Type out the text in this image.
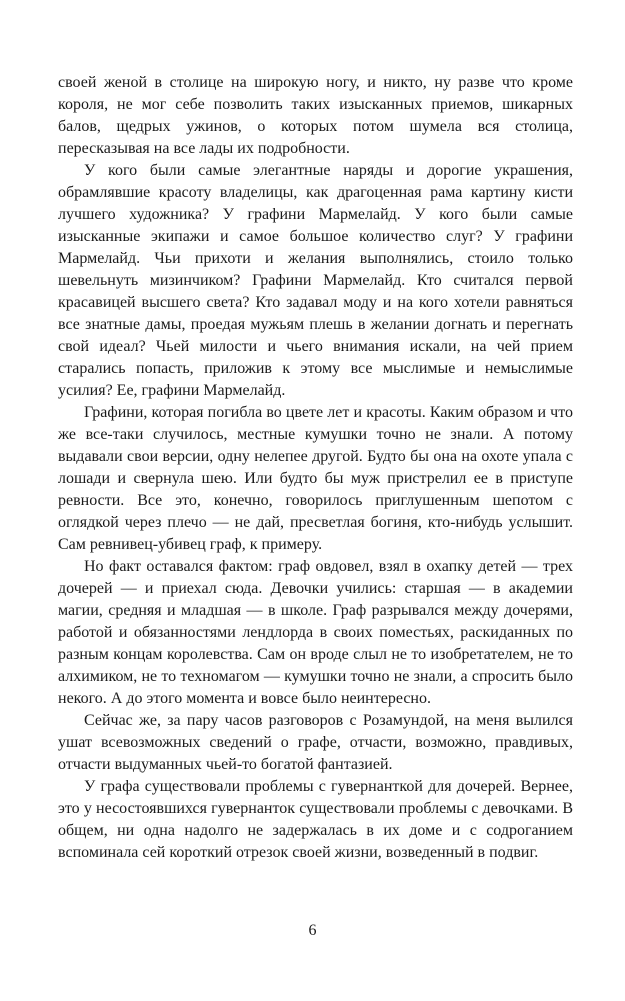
своей женой в столице на широкую ногу, и никто, ну разве что кроме короля, не мог себе позволить таких изысканных приемов, шикарных балов, щедрых ужинов, о которых потом шумела вся столица, пересказывая на все лады их подробности.

У кого были самые элегантные наряды и дорогие украшения, обрамлявшие красоту владелицы, как драгоценная рама картину кисти лучшего художника? У графини Мармелайд. У кого были самые изысканные экипажи и самое большое количество слуг? У графини Мармелайд. Чьи прихоти и желания выполнялись, стоило только шевельнуть мизинчиком? Графини Мармелайд. Кто считался первой красавицей высшего света? Кто задавал моду и на кого хотели равняться все знатные дамы, проедая мужьям плешь в желании догнать и перегнать свой идеал? Чьей милости и чьего внимания искали, на чей прием старались попасть, приложив к этому все мыслимые и немыслимые усилия? Ее, графини Мармелайд.

Графини, которая погибла во цвете лет и красоты. Каким образом и что же все-таки случилось, местные кумушки точно не знали. А потому выдавали свои версии, одну нелепее другой. Будто бы она на охоте упала с лошади и свернула шею. Или будто бы муж пристрелил ее в приступе ревности. Все это, конечно, говорилось приглушенным шепотом с оглядкой через плечо — не дай, пресветлая богиня, кто-нибудь услышит. Сам ревнивец-убивец граф, к примеру.

Но факт оставался фактом: граф овдовел, взял в охапку детей — трех дочерей — и приехал сюда. Девочки учились: старшая — в академии магии, средняя и младшая — в школе. Граф разрывался между дочерями, работой и обязанностями лендлорда в своих поместьях, раскиданных по разным концам королевства. Сам он вроде слыл не то изобретателем, не то алхимиком, не то техномагом — кумушки точно не знали, а спросить было некого. А до этого момента и вовсе было неинтересно.

Сейчас же, за пару часов разговоров с Розамундой, на меня вылился ушат всевозможных сведений о графе, отчасти, возможно, правдивых, отчасти выдуманных чьей-то богатой фантазией.

У графа существовали проблемы с гувернанткой для дочерей. Вернее, это у несостоявшихся гувернанток существовали проблемы с девочками. В общем, ни одна надолго не задержалась в их доме и с содроганием вспоминала сей короткий отрезок своей жизни, возведенный в подвиг.

6
